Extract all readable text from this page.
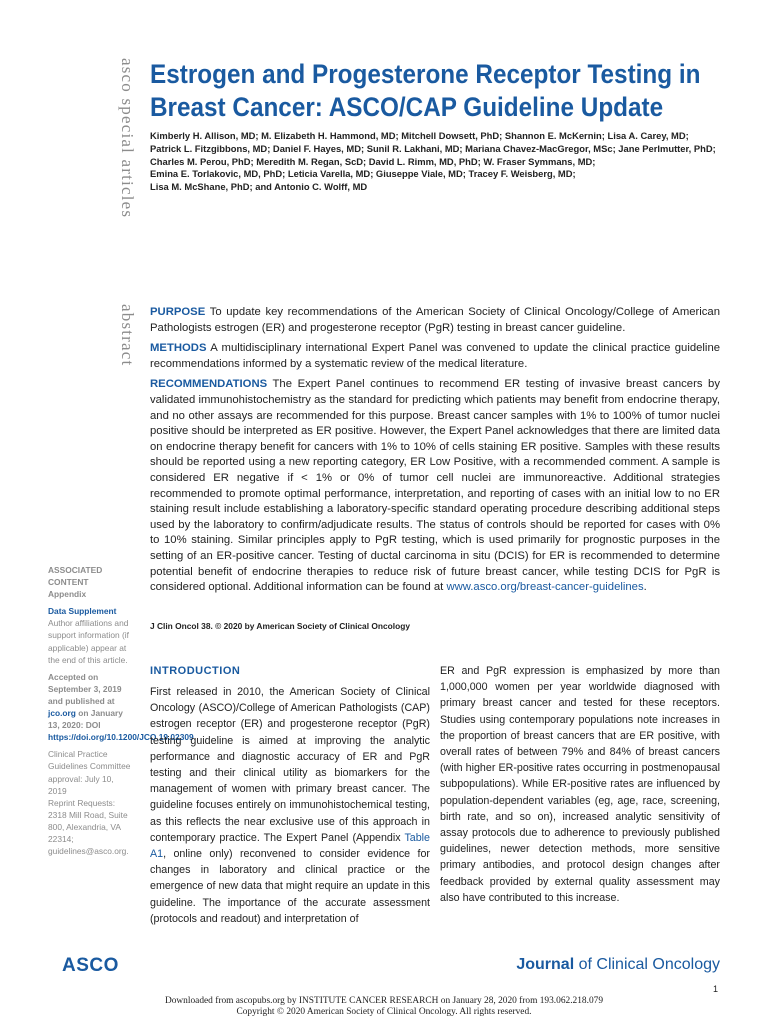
asco special articles
abstract
Estrogen and Progesterone Receptor Testing in
Breast Cancer: ASCO/CAP Guideline Update
Kimberly H. Allison, MD; M. Elizabeth H. Hammond, MD; Mitchell Dowsett, PhD; Shannon E. McKernin; Lisa A. Carey, MD;
Patrick L. Fitzgibbons, MD; Daniel F. Hayes, MD; Sunil R. Lakhani, MD; Mariana Chavez-MacGregor, MSc; Jane Perlmutter, PhD;
Charles M. Perou, PhD; Meredith M. Regan, ScD; David L. Rimm, MD, PhD; W. Fraser Symmans, MD;
Emina E. Torlakovic, MD, PhD; Leticia Varella, MD; Giuseppe Viale, MD; Tracey F. Weisberg, MD;
Lisa M. McShane, PhD; and Antonio C. Wolff, MD

PURPOSE To update key recommendations of the American Society of Clinical Oncology/College of American Pathologists estrogen (ER) and progesterone receptor (PgR) testing in breast cancer guideline.

METHODS A multidisciplinary international Expert Panel was convened to update the clinical practice guideline recommendations informed by a systematic review of the medical literature.

RECOMMENDATIONS The Expert Panel continues to recommend ER testing of invasive breast cancers by validated immunohistochemistry as the standard for predicting which patients may benefit from endocrine therapy, and no other assays are recommended for this purpose. Breast cancer samples with 1% to 100% of tumor nuclei positive should be interpreted as ER positive. However, the Expert Panel acknowledges that there are limited data on endocrine therapy benefit for cancers with 1% to 10% of cells staining ER positive. Samples with these results should be reported using a new reporting category, ER Low Positive, with a recommended comment. A sample is considered ER negative if < 1% or 0% of tumor cell nuclei are immunoreactive. Additional strategies recommended to promote optimal performance, interpretation, and reporting of cases with an initial low to no ER staining result include establishing a laboratory-specific standard operating procedure describing additional steps used by the laboratory to confirm/adjudicate results. The status of controls should be reported for cases with 0% to 10% staining. Similar principles apply to PgR testing, which is used primarily for prognostic purposes in the setting of an ER-positive cancer. Testing of ductal carcinoma in situ (DCIS) for ER is recommended to determine potential benefit of endocrine therapies to reduce risk of future breast cancer, while testing DCIS for PgR is considered optional. Additional information can be found at www.asco.org/breast-cancer-guidelines.

J Clin Oncol 38. © 2020 by American Society of Clinical Oncology
ASSOCIATED CONTENT
Appendix
Data Supplement
Author affiliations and support information (if applicable) appear at the end of this article.
Accepted on September 3, 2019 and published at jco.org on January 13, 2020: DOI https://doi.org/10.1200/JCO.19.02309
Clinical Practice Guidelines Committee approval: July 10, 2019
Reprint Requests: 2318 Mill Road, Suite 800, Alexandria, VA 22314; guidelines@asco.org.
INTRODUCTION

First released in 2010, the American Society of Clinical Oncology (ASCO)/College of American Pathologists (CAP) estrogen receptor (ER) and progesterone receptor (PgR) testing guideline is aimed at improving the analytic performance and diagnostic accuracy of ER and PgR testing and their clinical utility as biomarkers for the management of women with primary breast cancer. The guideline focuses entirely on immunohistochemical testing, as this reflects the near exclusive use of this approach in contemporary practice. The Expert Panel (Appendix Table A1, online only) reconvened to consider evidence for changes in laboratory and clinical practice or the emergence of new data that might require an update in this guideline. The importance of the accurate assessment (protocols and readout) and interpretation of

ER and PgR expression is emphasized by more than 1,000,000 women per year worldwide diagnosed with primary breast cancer and tested for these receptors. Studies using contemporary populations note increases in the proportion of breast cancers that are ER positive, with overall rates of between 79% and 84% of breast cancers (with higher ER-positive rates occurring in postmenopausal subpopulations). While ER-positive rates are influenced by population-dependent variables (eg, age, race, screening, birth rate, and so on), increased analytic sensitivity of assay protocols due to adherence to previously published guidelines, newer detection methods, more sensitive primary antibodies, and protocol design changes after feedback provided by external quality assessment may also have contributed to this increase.

ASCO	Journal of Clinical Oncology
1
Downloaded from ascopubs.org by INSTITUTE CANCER RESEARCH on January 28, 2020 from 193.062.218.079
Copyright © 2020 American Society of Clinical Oncology. All rights reserved.
